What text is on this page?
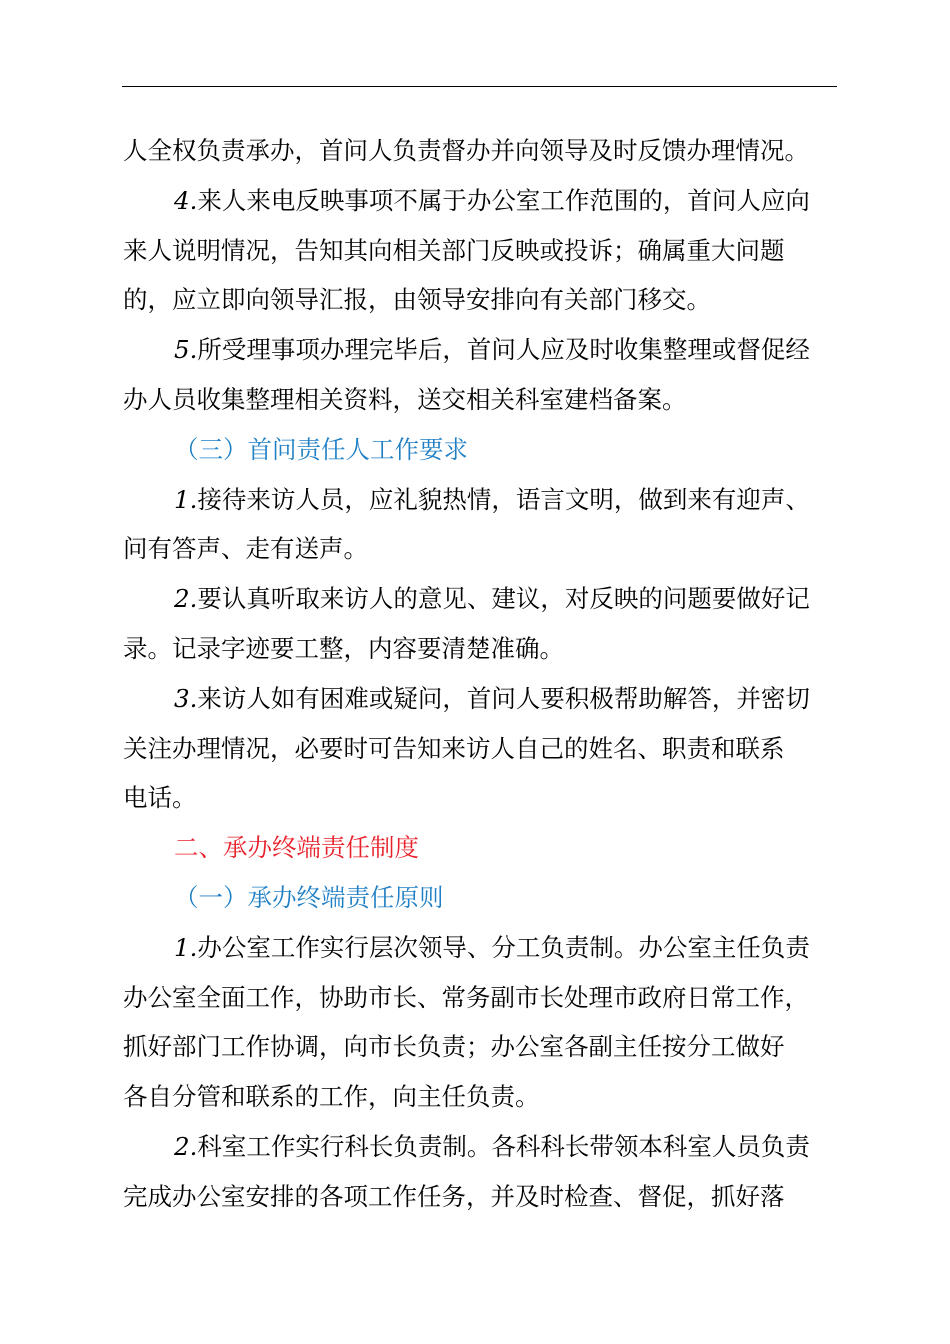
人全权负责承办，首问人负责督办并向领导及时反馈办理情况。
4.来人来电反映事项不属于办公室工作范围的，首问人应向
来人说明情况，告知其向相关部门反映或投诉；确属重大问题
的，应立即向领导汇报，由领导安排向有关部门移交。
5.所受理事项办理完毕后，首问人应及时收集整理或督促经
办人员收集整理相关资料，送交相关科室建档备案。
（三）首问责任人工作要求
1.接待来访人员，应礼貌热情，语言文明，做到来有迎声、
问有答声、走有送声。
2.要认真听取来访人的意见、建议，对反映的问题要做好记
录。记录字迹要工整，内容要清楚准确。
3.来访人如有困难或疑问，首问人要积极帮助解答，并密切
关注办理情况，必要时可告知来访人自己的姓名、职责和联系
电话。
二、承办终端责任制度
（一）承办终端责任原则
1.办公室工作实行层次领导、分工负责制。办公室主任负责
办公室全面工作，协助市长、常务副市长处理市政府日常工作，
抓好部门工作协调，向市长负责；办公室各副主任按分工做好
各自分管和联系的工作，向主任负责。
2.科室工作实行科长负责制。各科科长带领本科室人员负责
完成办公室安排的各项工作任务，并及时检查、督促，抓好落
